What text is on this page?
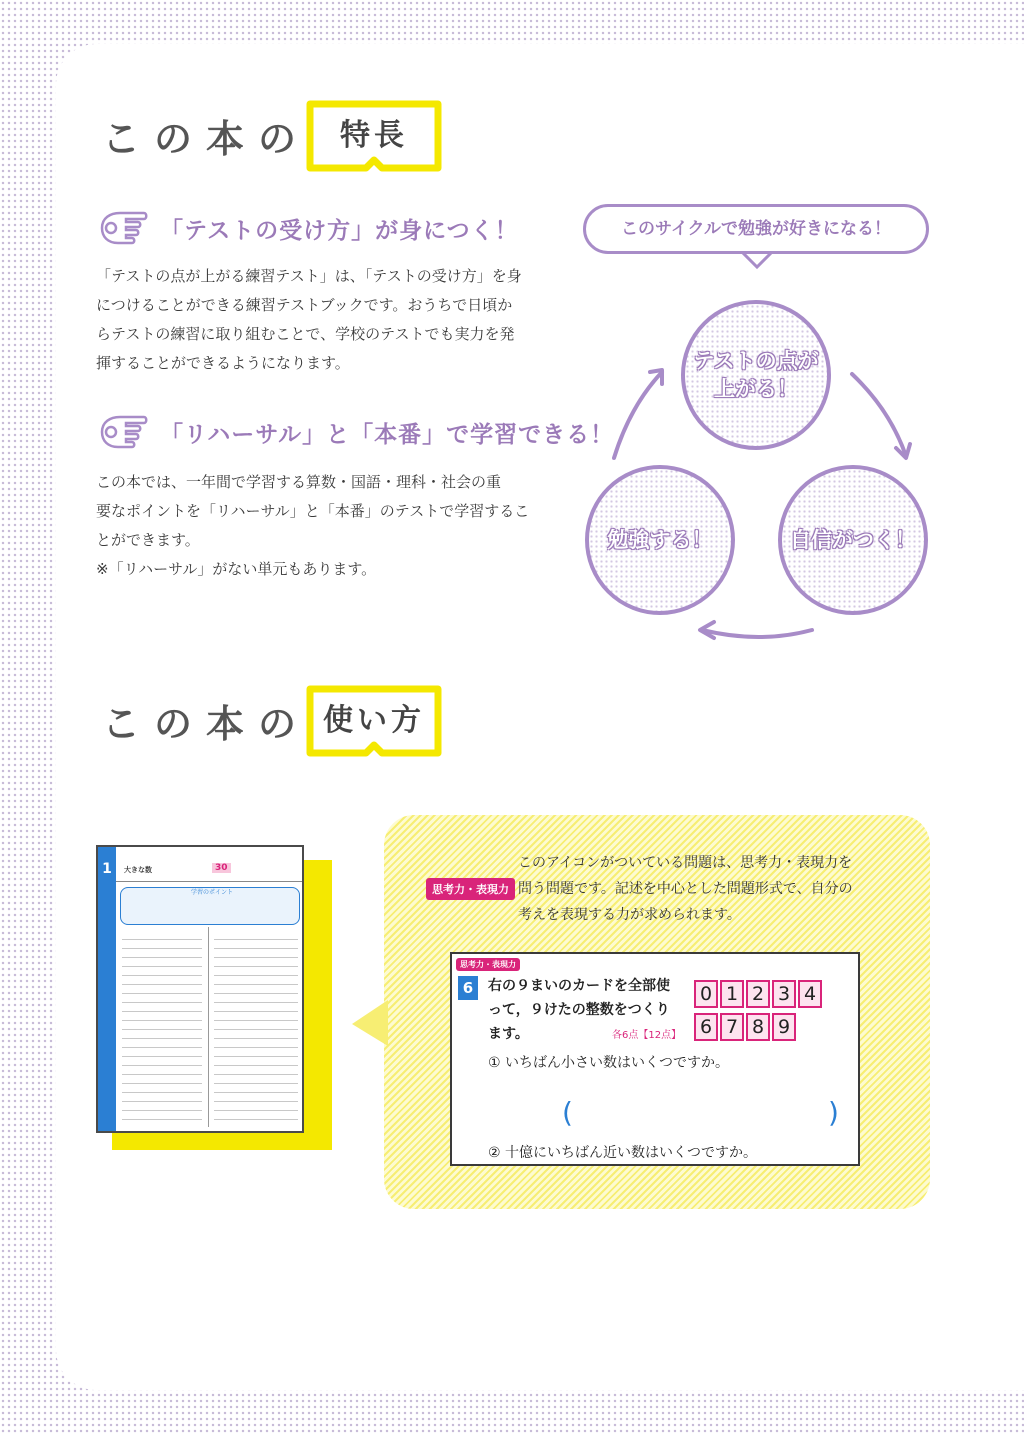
この本の 特長
「テストの受け方」が身につく！

「テストの点が上がる練習テスト」は、「テストの受け方」を身
につけることができる練習テストブックです。おうちで日頃か
らテストの練習に取り組むことで、学校のテストでも実力を発
揮することができるようになります。

「リハーサル」と「本番」で学習できる！

この本では、一年間で学習する算数・国語・理科・社会の重
要なポイントを「リハーサル」と「本番」のテストで学習するこ
とができます。
※「リハーサル」がない単元もあります。

このサイクルで勉強が好きになる！
テストの点が
上がる！
勉強する！	自信がつく！
この本の 使い方
1	大きな数	30
学習のポイント	思考力・表現力
このアイコンがついている問題は、思考力・表現力を
問う問題です。記述を中心とした問題形式で、自分の
考えを表現する力が求められます。
思考力・表現力
6	右の９まいのカードを全部使
って，９けたの整数をつくり
ます。	各6点【12点】
0 1 2 3 4
6 7 8 9
① いちばん小さい数はいくつですか。
(	)
② 十億にいちばん近い数はいくつですか。
